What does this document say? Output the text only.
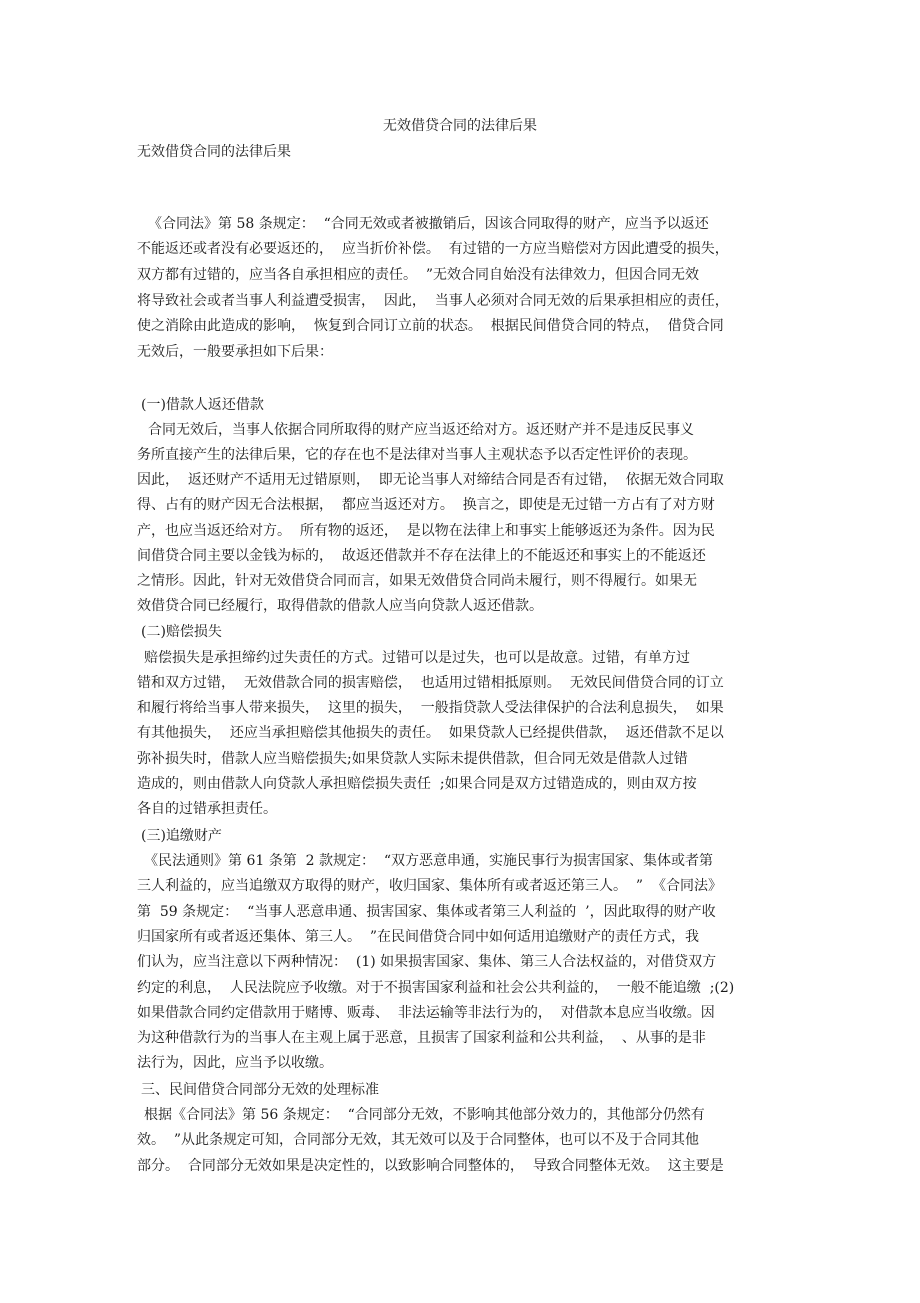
无效借贷合同的法律后果
无效借贷合同的法律后果
《合同法》第 58 条规定：  “合同无效或者被撤销后，因该合同取得的财产，应当予以返还
不能返还或者没有必要返还的，  应当折价补偿。  有过错的一方应当赔偿对方因此遭受的损失，
双方都有过错的，应当各自承担相应的责任。  ”无效合同自始没有法律效力，但因合同无效
将导致社会或者当事人利益遭受损害，  因此，  当事人必须对合同无效的后果承担相应的责任，
使之消除由此造成的影响，  恢复到合同订立前的状态。  根据民间借贷合同的特点，  借贷合同
无效后，一般要承担如下后果：
(一)借款人返还借款
合同无效后，当事人依据合同所取得的财产应当返还给对方。返还财产并不是违反民事义
务所直接产生的法律后果，它的存在也不是法律对当事人主观状态予以否定性评价的表现。
因此，  返还财产不适用无过错原则，  即无论当事人对缔结合同是否有过错，  依据无效合同取
得、占有的财产因无合法根据，  都应当返还对方。  换言之，即使是无过错一方占有了对方财
产，也应当返还给对方。  所有物的返还，  是以物在法律上和事实上能够返还为条件。因为民
间借贷合同主要以金钱为标的，  故返还借款并不存在法律上的不能返还和事实上的不能返还
之情形。因此，针对无效借贷合同而言，如果无效借贷合同尚未履行，则不得履行。如果无
效借贷合同已经履行，取得借款的借款人应当向贷款人返还借款。
(二)赔偿损失
赔偿损失是承担缔约过失责任的方式。过错可以是过失，也可以是故意。过错，有单方过
错和双方过错，  无效借款合同的损害赔偿，  也适用过错相抵原则。  无效民间借贷合同的订立
和履行将给当事人带来损失，  这里的损失，  一般指贷款人受法律保护的合法利息损失，  如果
有其他损失，  还应当承担赔偿其他损失的责任。  如果贷款人已经提供借款，  返还借款不足以
弥补损失时，借款人应当赔偿损失;如果贷款人实际未提供借款，但合同无效是借款人过错
造成的，则由借款人向贷款人承担赔偿损失责任  ;如果合同是双方过错造成的，则由双方按
各自的过错承担责任。
(三)追缴财产
《民法通则》第 61 条第  2 款规定：  “双方恶意串通，实施民事行为损害国家、集体或者第
三人利益的，应当追缴双方取得的财产，收归国家、集体所有或者返还第三人。  ”  《合同法》
第  59 条规定：  “当事人恶意串通、损害国家、集体或者第三人利益的  ’，因此取得的财产收
归国家所有或者返还集体、第三人。  ”在民间借贷合同中如何适用追缴财产的责任方式，我
们认为，应当注意以下两种情况：  (1) 如果损害国家、集体、第三人合法权益的，对借贷双方
约定的利息，  人民法院应予收缴。对于不损害国家利益和社会公共利益的，  一般不能追缴  ;(2)
如果借款合同约定借款用于赌博、贩毒、  非法运输等非法行为的，  对借款本息应当收缴。因
为这种借款行为的当事人在主观上属于恶意，且损害了国家利益和公共利益，  、从事的是非
法行为，因此，应当予以收缴。
三、民间借贷合同部分无效的处理标准
根据《合同法》第 56 条规定：  “合同部分无效，不影响其他部分效力的，其他部分仍然有
效。  ”从此条规定可知，合同部分无效，其无效可以及于合同整体，也可以不及于合同其他
部分。  合同部分无效如果是决定性的，以致影响合同整体的，  导致合同整体无效。  这主要是
